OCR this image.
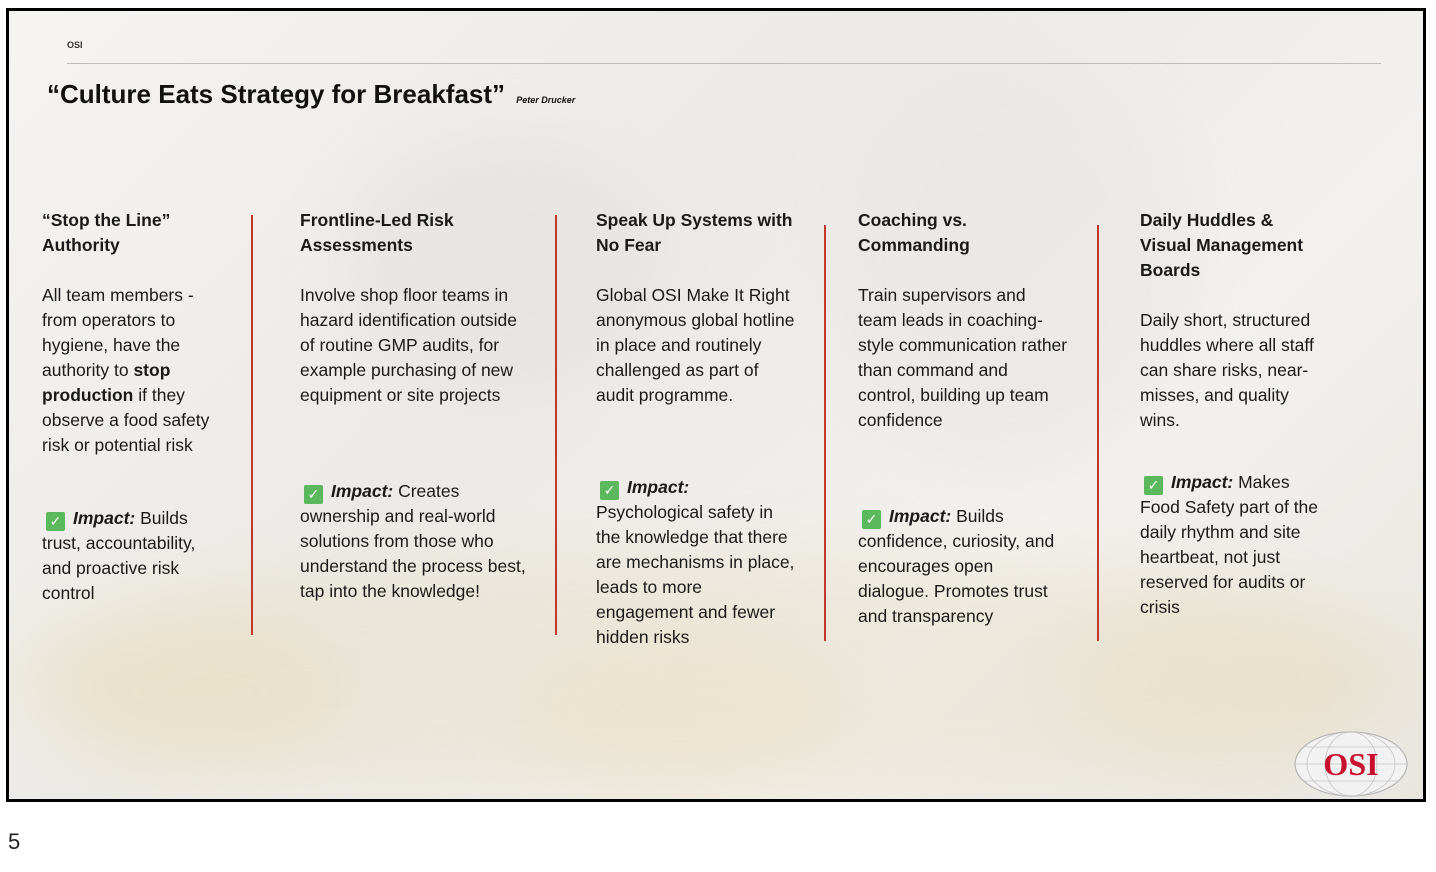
OSI
“Culture Eats Strategy for Breakfast” Peter Drucker
“Stop the Line” Authority

All team members - from operators to hygiene, have the authority to stop production if they observe a food safety risk or potential risk

✓ Impact: Builds trust, accountability, and proactive risk control

Frontline-Led Risk Assessments

Involve shop floor teams in hazard identification outside of routine GMP audits, for example purchasing of new equipment or site projects

✓ Impact: Creates ownership and real-world solutions from those who understand the process best, tap into the knowledge!

Speak Up Systems with No Fear

Global OSI Make It Right anonymous global hotline in place and routinely challenged as part of audit programme.

✓ Impact:
Psychological safety in the knowledge that there are mechanisms in place, leads to more engagement and fewer hidden risks

Coaching vs. Commanding

Train supervisors and team leads in coaching-style communication rather than command and control, building up team confidence

✓ Impact: Builds confidence, curiosity, and encourages open dialogue. Promotes trust and transparency

Daily Huddles & Visual Management Boards

Daily short, structured huddles where all staff can share risks, near-misses, and quality wins.

✓ Impact: Makes Food Safety part of the daily rhythm and site heartbeat, not just reserved for audits or crisis

OSI
5
